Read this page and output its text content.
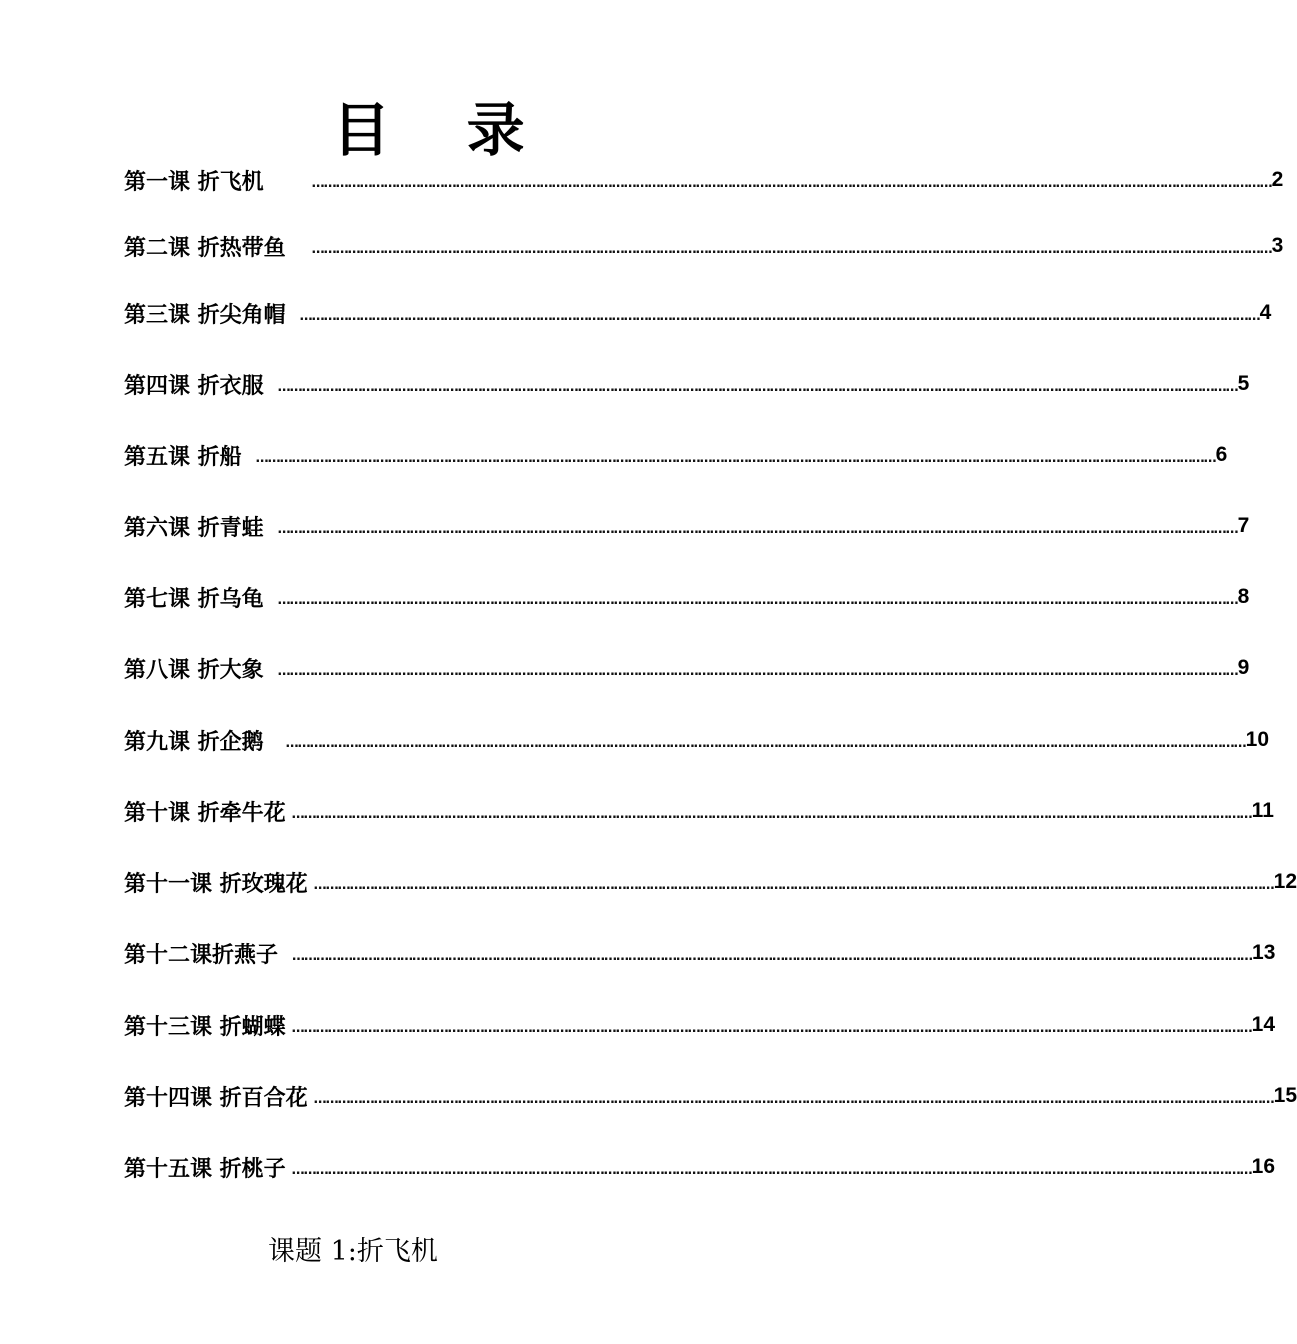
目 录
第一课 折飞机	…………………………………………………………………………………………………………………………………………………………………………………………………………………… 2
第二课 折热带鱼 …………………………………………………………………………………………………………………………………………………………………………………………………………………… 3
第三课 折尖角帽 …………………………………………………………………………………………………………………………………………………………………………………………………………………… 4
第四课 折衣服 …………………………………………………………………………………………………………………………………………………………………………………………………………………… 5
第五课 折船 …………………………………………………………………………………………………………………………………………………………………………………………………………………… 6
第六课 折青蛙 …………………………………………………………………………………………………………………………………………………………………………………………………………………… 7
第七课 折乌龟 …………………………………………………………………………………………………………………………………………………………………………………………………………………… 8
第八课 折大象 …………………………………………………………………………………………………………………………………………………………………………………………………………………… 9
第九课 折企鹅 …………………………………………………………………………………………………………………………………………………………………………………………………………………… 10
第十课 折牵牛花 …………………………………………………………………………………………………………………………………………………………………………………………………………………… 11
第十一课 折玫瑰花 …………………………………………………………………………………………………………………………………………………………………………………………………………………… 12
第十二课折燕子 …………………………………………………………………………………………………………………………………………………………………………………………………………………… 13
第十三课 折蝴蝶 …………………………………………………………………………………………………………………………………………………………………………………………………………………… 14
第十四课 折百合花 …………………………………………………………………………………………………………………………………………………………………………………………………………………… 15
第十五课 折桃子 …………………………………………………………………………………………………………………………………………………………………………………………………………………… 16
课题 1:折飞机
